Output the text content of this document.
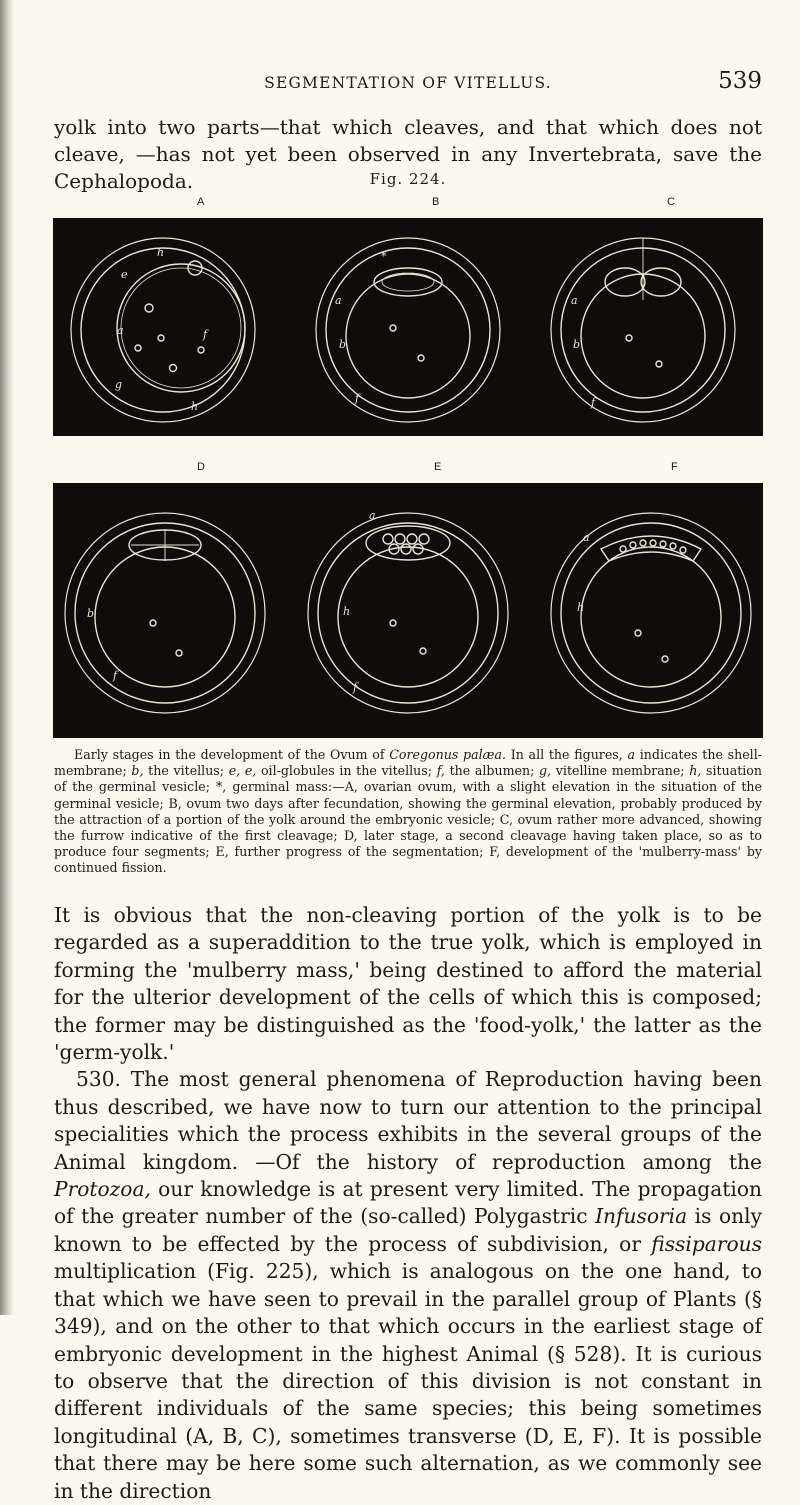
SEGMENTATION OF VITELLUS.	539
yolk into two parts—that which cleaves, and that which does not cleave, —has not yet been observed in any Invertebrata, save the Cephalopoda.	Fig. 224.
A	B	C
h
e
a
g
f
h
a
b
f
*
a
b
f
D	E	F
b
f
h
a
f
h
a
Early stages in the development of the Ovum of Coregonus palæa. In all the figures, a indicates the shell-membrane; b, the vitellus; e, e, oil-globules in the vitellus; f, the albumen; g, vitelline membrane; h, situation of the germinal vesicle; *, germinal mass:—A, ovarian ovum, with a slight elevation in the situation of the germinal vesicle; B, ovum two days after fecundation, showing the germinal elevation, probably produced by the attraction of a portion of the yolk around the embryonic vesicle; C, ovum rather more advanced, showing the furrow indicative of the first cleavage; D, later stage, a second cleavage having taken place, so as to produce four segments; E, further progress of the segmentation; F, development of the 'mulberry-mass' by continued fission.

It is obvious that the non-cleaving portion of the yolk is to be regarded as a superaddition to the true yolk, which is employed in forming the 'mulberry mass,' being destined to afford the material for the ulterior development of the cells of which this is composed; the former may be distinguished as the 'food-yolk,' the latter as the 'germ-yolk.'

530. The most general phenomena of Reproduction having been thus described, we have now to turn our attention to the principal specialities which the process exhibits in the several groups of the Animal kingdom. —Of the history of reproduction among the Protozoa, our knowledge is at present very limited. The propagation of the greater number of the (so-called) Polygastric Infusoria is only known to be effected by the process of subdivision, or fissiparous multiplication (Fig. 225), which is analogous on the one hand, to that which we have seen to prevail in the parallel group of Plants (§ 349), and on the other to that which occurs in the earliest stage of embryonic development in the highest Animal (§ 528). It is curious to observe that the direction of this division is not constant in different individuals of the same species; this being sometimes longitudinal (A, B, C), sometimes transverse (D, E, F). It is possible that there may be here some such alternation, as we commonly see in the direction
